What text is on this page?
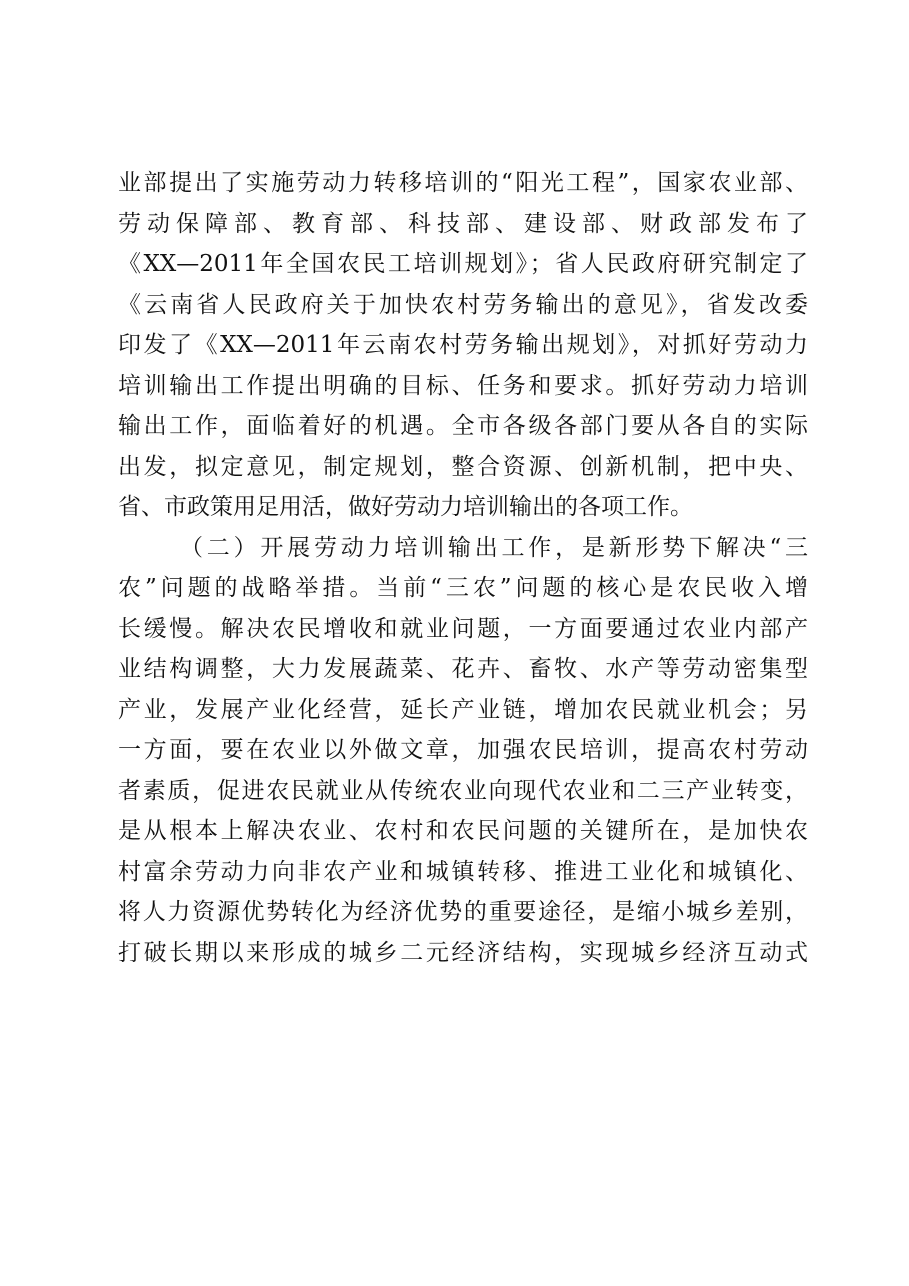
业部提出了实施劳动力转移培训的“阳光工程”，国家农业部、
劳动保障部、教育部、科技部、建设部、财政部发布了
《XX—2011年全国农民工培训规划》；省人民政府研究制定了
《云南省人民政府关于加快农村劳务输出的意见》，省发改委
印发了《XX—2011年云南农村劳务输出规划》，对抓好劳动力
培训输出工作提出明确的目标、任务和要求。抓好劳动力培训
输出工作，面临着好的机遇。全市各级各部门要从各自的实际
出发，拟定意见，制定规划，整合资源、创新机制，把中央、
省、市政策用足用活，做好劳动力培训输出的各项工作。
（二）开展劳动力培训输出工作，是新形势下解决“三
农”问题的战略举措。当前“三农”问题的核心是农民收入增
长缓慢。解决农民增收和就业问题，一方面要通过农业内部产
业结构调整，大力发展蔬菜、花卉、畜牧、水产等劳动密集型
产业，发展产业化经营，延长产业链，增加农民就业机会；另
一方面，要在农业以外做文章，加强农民培训，提高农村劳动
者素质，促进农民就业从传统农业向现代农业和二三产业转变，
是从根本上解决农业、农村和农民问题的关键所在，是加快农
村富余劳动力向非农产业和城镇转移、推进工业化和城镇化、
将人力资源优势转化为经济优势的重要途径，是缩小城乡差别，
打破长期以来形成的城乡二元经济结构，实现城乡经济互动式
